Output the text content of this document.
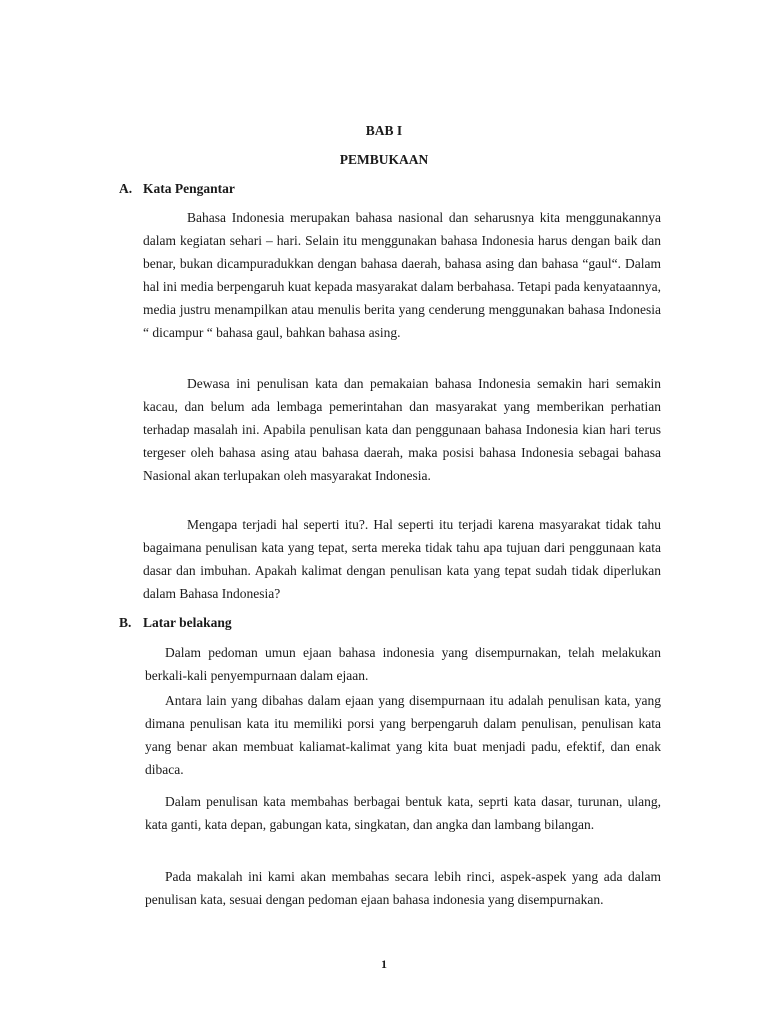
BAB I
PEMBUKAAN
A. Kata Pengantar

Bahasa Indonesia merupakan bahasa nasional dan seharusnya kita menggunakannya dalam kegiatan sehari – hari. Selain itu menggunakan bahasa Indonesia harus dengan baik dan benar, bukan dicampuradukkan dengan bahasa daerah, bahasa asing dan bahasa “gaul“. Dalam hal ini media berpengaruh kuat kepada masyarakat dalam berbahasa. Tetapi pada kenyataannya, media justru menampilkan atau menulis berita yang cenderung menggunakan bahasa Indonesia “ dicampur “ bahasa gaul, bahkan bahasa asing.

Dewasa ini penulisan kata dan pemakaian bahasa Indonesia semakin hari semakin kacau, dan belum ada lembaga pemerintahan dan masyarakat yang memberikan perhatian terhadap masalah ini. Apabila penulisan kata dan penggunaan bahasa Indonesia kian hari terus tergeser oleh bahasa asing atau bahasa daerah, maka posisi bahasa Indonesia sebagai bahasa Nasional akan terlupakan oleh masyarakat Indonesia.

Mengapa terjadi hal seperti itu?. Hal seperti itu terjadi karena masyarakat tidak tahu bagaimana penulisan kata yang tepat, serta mereka tidak tahu apa tujuan dari penggunaan kata dasar dan imbuhan. Apakah kalimat dengan penulisan kata yang tepat sudah tidak diperlukan dalam Bahasa Indonesia?

B. Latar belakang

Dalam pedoman umun ejaan bahasa indonesia yang disempurnakan, telah melakukan berkali-kali penyempurnaan dalam ejaan.

Antara lain yang dibahas dalam ejaan yang disempurnaan itu adalah penulisan kata, yang dimana penulisan kata itu memiliki porsi yang berpengaruh dalam penulisan, penulisan kata yang benar akan membuat kaliamat-kalimat yang kita buat menjadi padu, efektif, dan enak dibaca.

Dalam penulisan kata membahas berbagai bentuk kata, seprti kata dasar, turunan, ulang, kata ganti, kata depan, gabungan kata, singkatan, dan angka dan lambang bilangan.

Pada makalah ini kami akan membahas secara lebih rinci, aspek-aspek yang ada dalam penulisan kata, sesuai dengan pedoman ejaan bahasa indonesia yang disempurnakan.

1
